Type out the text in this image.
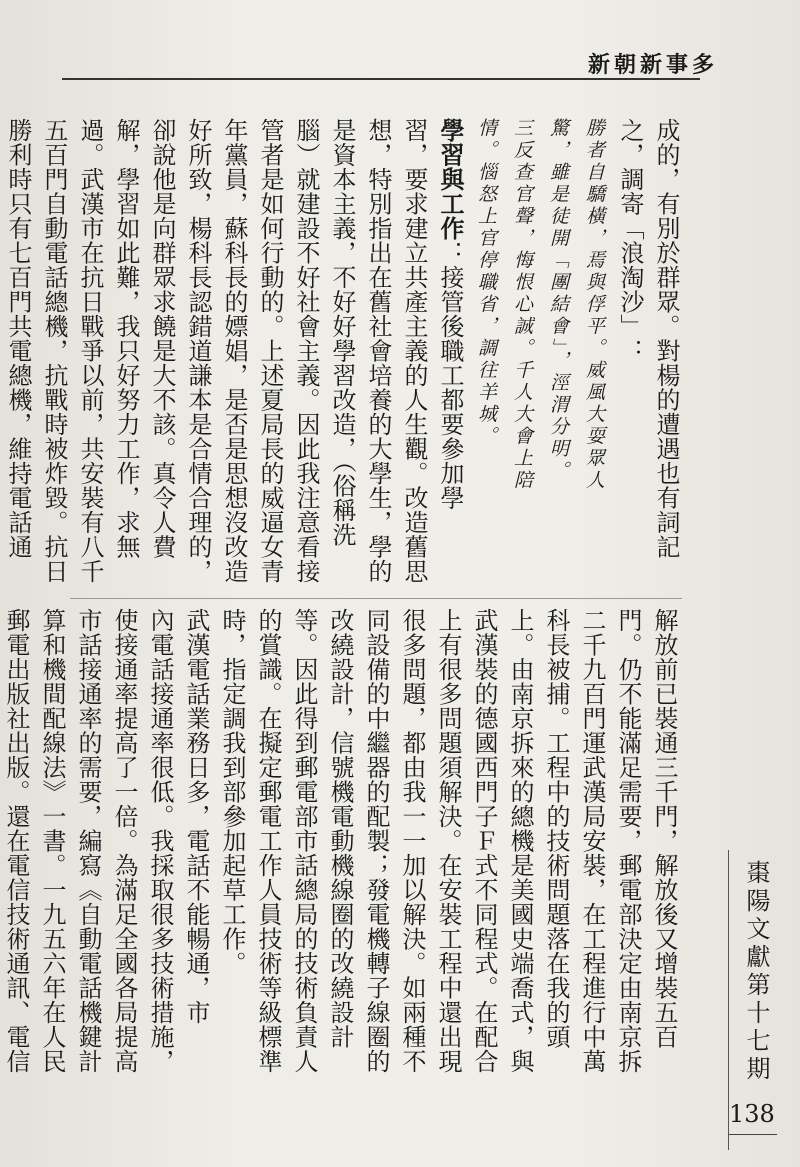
新朝新事多
成的，有別於群眾。對楊的遭遇也有詞記
之，調寄「浪淘沙」：
勝者自驕橫，焉與俘平。威風大耍眾人
驚，雖是徒開「團結會」，涇渭分明。
三反查官聲，悔恨心誠。千人大會上陪
情。惱怒上官停職省，調往羊城。
學習與工作：接管後職工都要參加學
習，要求建立共產主義的人生觀。改造舊思
想，特別指出在舊社會培養的大學生，學的
是資本主義，不好好學習改造，（俗稱洗
腦）就建設不好社會主義。因此我注意看接
管者是如何行動的。上述夏局長的威逼女青
年黨員，蘇科長的嫖娼，是否是思想沒改造
好所致，楊科長認錯道謙本是合情合理的，
卻說他是向群眾求饒是大不該。真令人費
解，學習如此難，我只好努力工作，求無
過。武漢市在抗日戰爭以前，共安裝有八千
五百門自動電話總機，抗戰時被炸毀。抗日
勝利時只有七百門共電總機，維持電話通
解放前已裝通三千門，解放後又增裝五百
門。仍不能滿足需要，郵電部決定由南京拆
二千九百門運武漢局安裝，在工程進行中萬
科長被捕。工程中的技術問題落在我的頭
上。由南京拆來的總機是美國史端喬式，與
武漢裝的德國西門子Ｆ式不同程式。在配合
上有很多問題須解決。在安裝工程中還出現
很多問題，都由我一一加以解決。如兩種不
同設備的中繼器的配製；發電機轉子線圈的
改繞設計，信號機電動機線圈的改繞設計
等。因此得到郵電部市話總局的技術負責人
的賞識。在擬定郵電工作人員技術等級標準
時，指定調我到部參加起草工作。
武漢電話業務日多，電話不能暢通，市
內電話接通率很低。我採取很多技術措施，
使接通率提高了一倍。為滿足全國各局提高
市話接通率的需要，編寫《自動電話機鍵計
算和機間配線法》一書。一九五六年在人民
郵電出版社出版。還在電信技術通訊、電信	棗陽文獻第十七期
138
